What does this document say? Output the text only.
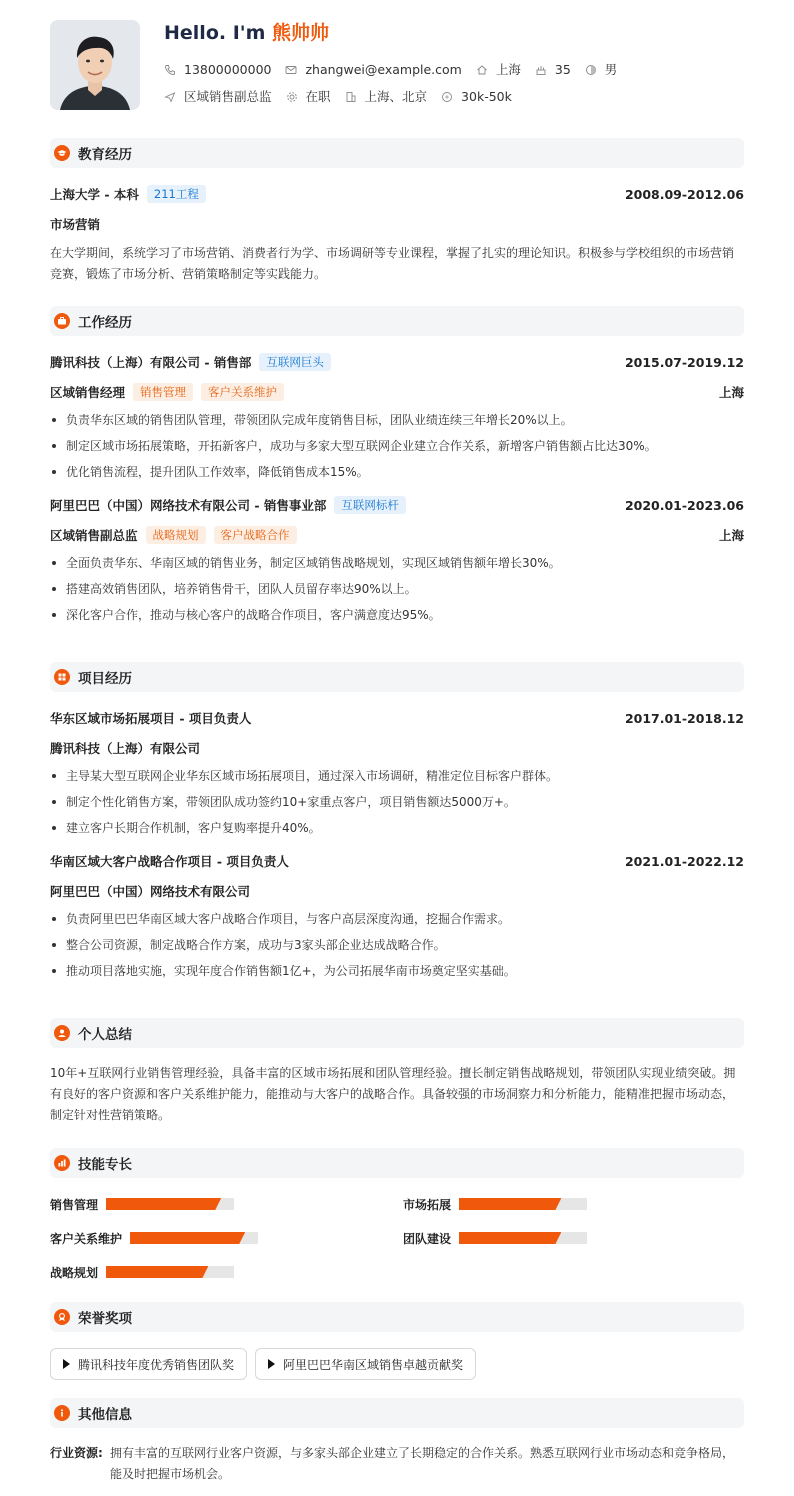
Hello. I'm 熊帅帅
13800000000	zhangwei@example.com	上海	35	男
区域销售副总监	在职	上海、北京	30k-50k
教育经历
上海大学 - 本科	211工程	2008.09-2012.06
市场营销

在大学期间，系统学习了市场营销、消费者行为学、市场调研等专业课程，掌握了扎实的理论知识。积极参与学校组织的市场营销竞赛，锻炼了市场分析、营销策略制定等实践能力。

工作经历
腾讯科技（上海）有限公司 - 销售部	互联网巨头	2015.07-2019.12
区域销售经理	销售管理	客户关系维护	上海
负责华东区域的销售团队管理，带领团队完成年度销售目标，团队业绩连续三年增长20%以上。
制定区域市场拓展策略，开拓新客户，成功与多家大型互联网企业建立合作关系，新增客户销售额占比达30%。
优化销售流程，提升团队工作效率，降低销售成本15%。
阿里巴巴（中国）网络技术有限公司 - 销售事业部	互联网标杆	2020.01-2023.06
区域销售副总监	战略规划	客户战略合作	上海
全面负责华东、华南区域的销售业务，制定区域销售战略规划，实现区域销售额年增长30%。
搭建高效销售团队，培养销售骨干，团队人员留存率达90%以上。
深化客户合作，推动与核心客户的战略合作项目，客户满意度达95%。
项目经历
华东区域市场拓展项目 - 项目负责人	2017.01-2018.12
腾讯科技（上海）有限公司
主导某大型互联网企业华东区域市场拓展项目，通过深入市场调研，精准定位目标客户群体。
制定个性化销售方案，带领团队成功签约10+家重点客户，项目销售额达5000万+。
建立客户长期合作机制，客户复购率提升40%。
华南区域大客户战略合作项目 - 项目负责人	2021.01-2022.12
阿里巴巴（中国）网络技术有限公司
负责阿里巴巴华南区域大客户战略合作项目，与客户高层深度沟通，挖掘合作需求。
整合公司资源，制定战略合作方案，成功与3家头部企业达成战略合作。
推动项目落地实施，实现年度合作销售额1亿+，为公司拓展华南市场奠定坚实基础。
个人总结

10年+互联网行业销售管理经验，具备丰富的区域市场拓展和团队管理经验。擅长制定销售战略规划，带领团队实现业绩突破。拥有良好的客户资源和客户关系维护能力，能推动与大客户的战略合作。具备较强的市场洞察力和分析能力，能精准把握市场动态，制定针对性营销策略。

技能专长
销售管理	市场拓展
客户关系维护	团队建设
战略规划
荣誉奖项
腾讯科技年度优秀销售团队奖	阿里巴巴华南区域销售卓越贡献奖
其他信息
行业资源: 拥有丰富的互联网行业客户资源，与多家头部企业建立了长期稳定的合作关系。熟悉互联网行业市场动态和竞争格局，能及时把握市场机会。
